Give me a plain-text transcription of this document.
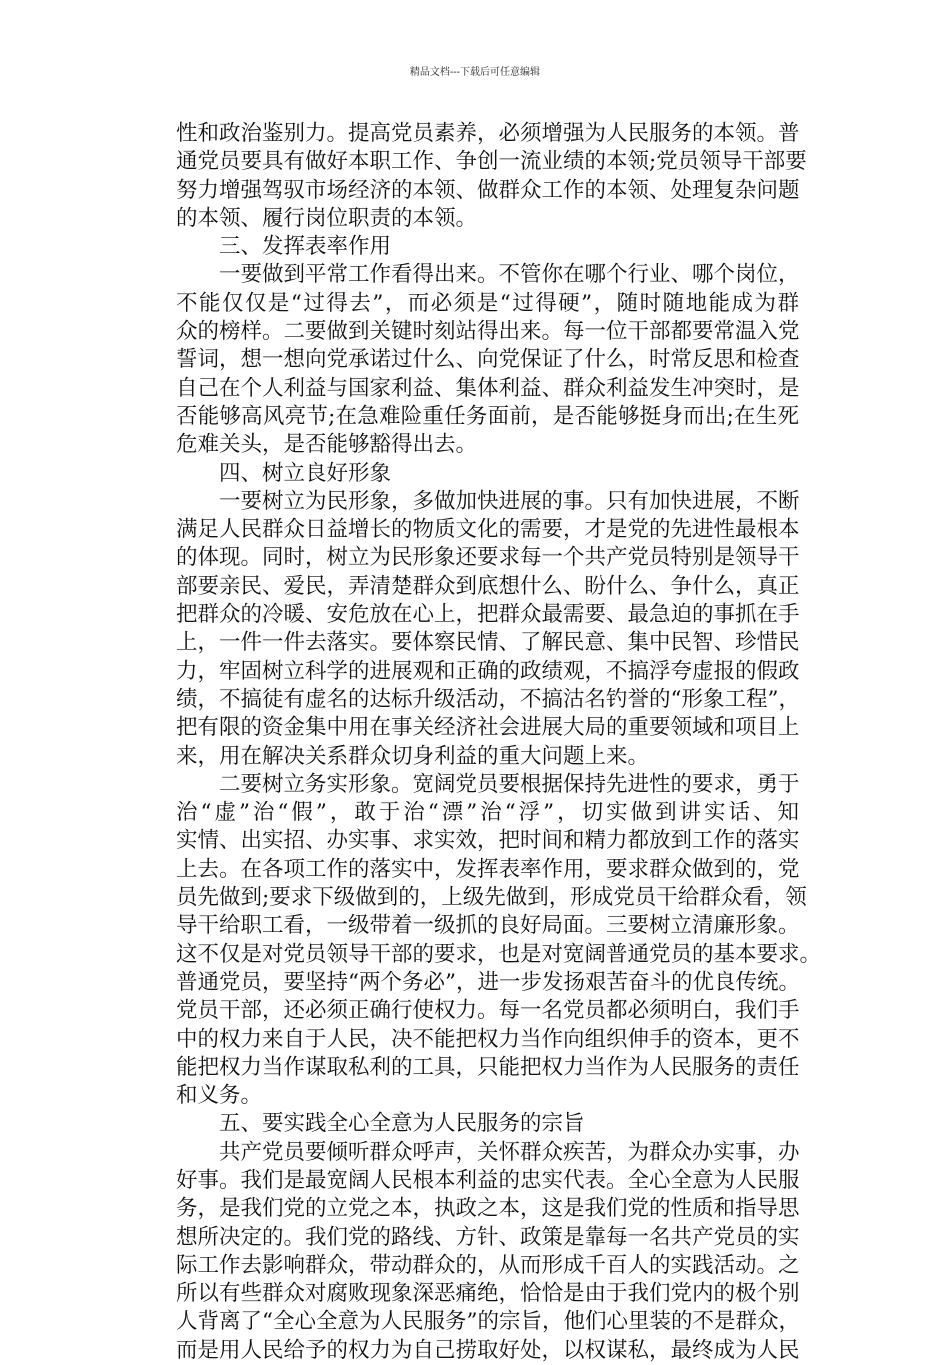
精品文档---下载后可任意编辑
性和政治鉴别力。提高党员素养，必须增强为人民服务的本领。普
通党员要具有做好本职工作、争创一流业绩的本领;党员领导干部要
努力增强驾驭市场经济的本领、做群众工作的本领、处理复杂问题
的本领、履行岗位职责的本领。
三、发挥表率作用
一要做到平常工作看得出来。不管你在哪个行业、哪个岗位，
不能仅仅是“过得去”，而必须是“过得硬”，随时随地能成为群
众的榜样。二要做到关键时刻站得出来。每一位干部都要常温入党
誓词，想一想向党承诺过什么、向党保证了什么，时常反思和检查
自己在个人利益与国家利益、集体利益、群众利益发生冲突时，是
否能够高风亮节;在急难险重任务面前，是否能够挺身而出;在生死
危难关头，是否能够豁得出去。
四、树立良好形象
一要树立为民形象，多做加快进展的事。只有加快进展，不断
满足人民群众日益增长的物质文化的需要，才是党的先进性最根本
的体现。同时，树立为民形象还要求每一个共产党员特别是领导干
部要亲民、爱民，弄清楚群众到底想什么、盼什么、争什么，真正
把群众的冷暖、安危放在心上，把群众最需要、最急迫的事抓在手
上，一件一件去落实。要体察民情、了解民意、集中民智、珍惜民
力，牢固树立科学的进展观和正确的政绩观，不搞浮夸虚报的假政
绩，不搞徒有虚名的达标升级活动，不搞沽名钓誉的“形象工程”，
把有限的资金集中用在事关经济社会进展大局的重要领域和项目上
来，用在解决关系群众切身利益的重大问题上来。
二要树立务实形象。宽阔党员要根据保持先进性的要求，勇于
治“虚”治“假”，敢于治“漂”治“浮”，切实做到讲实话、知
实情、出实招、办实事、求实效，把时间和精力都放到工作的落实
上去。在各项工作的落实中，发挥表率作用，要求群众做到的，党
员先做到;要求下级做到的，上级先做到，形成党员干给群众看，领
导干给职工看，一级带着一级抓的良好局面。三要树立清廉形象。
这不仅是对党员领导干部的要求，也是对宽阔普通党员的基本要求。
普通党员，要坚持“两个务必”，进一步发扬艰苦奋斗的优良传统。
党员干部，还必须正确行使权力。每一名党员都必须明白，我们手
中的权力来自于人民，决不能把权力当作向组织伸手的资本，更不
能把权力当作谋取私利的工具，只能把权力当作为人民服务的责任
和义务。
五、要实践全心全意为人民服务的宗旨
共产党员要倾听群众呼声，关怀群众疾苦，为群众办实事，办
好事。我们是最宽阔人民根本利益的忠实代表。全心全意为人民服
务，是我们党的立党之本，执政之本，这是我们党的性质和指导思
想所决定的。我们党的路线、方针、政策是靠每一名共产党员的实
际工作去影响群众，带动群众的，从而形成千百人的实践活动。之
所以有些群众对腐败现象深恶痛绝，恰恰是由于我们党内的极个别
人背离了“全心全意为人民服务”的宗旨，他们心里装的不是群众，
而是用人民给予的权力为自己捞取好处，以权谋私，最终成为人民
